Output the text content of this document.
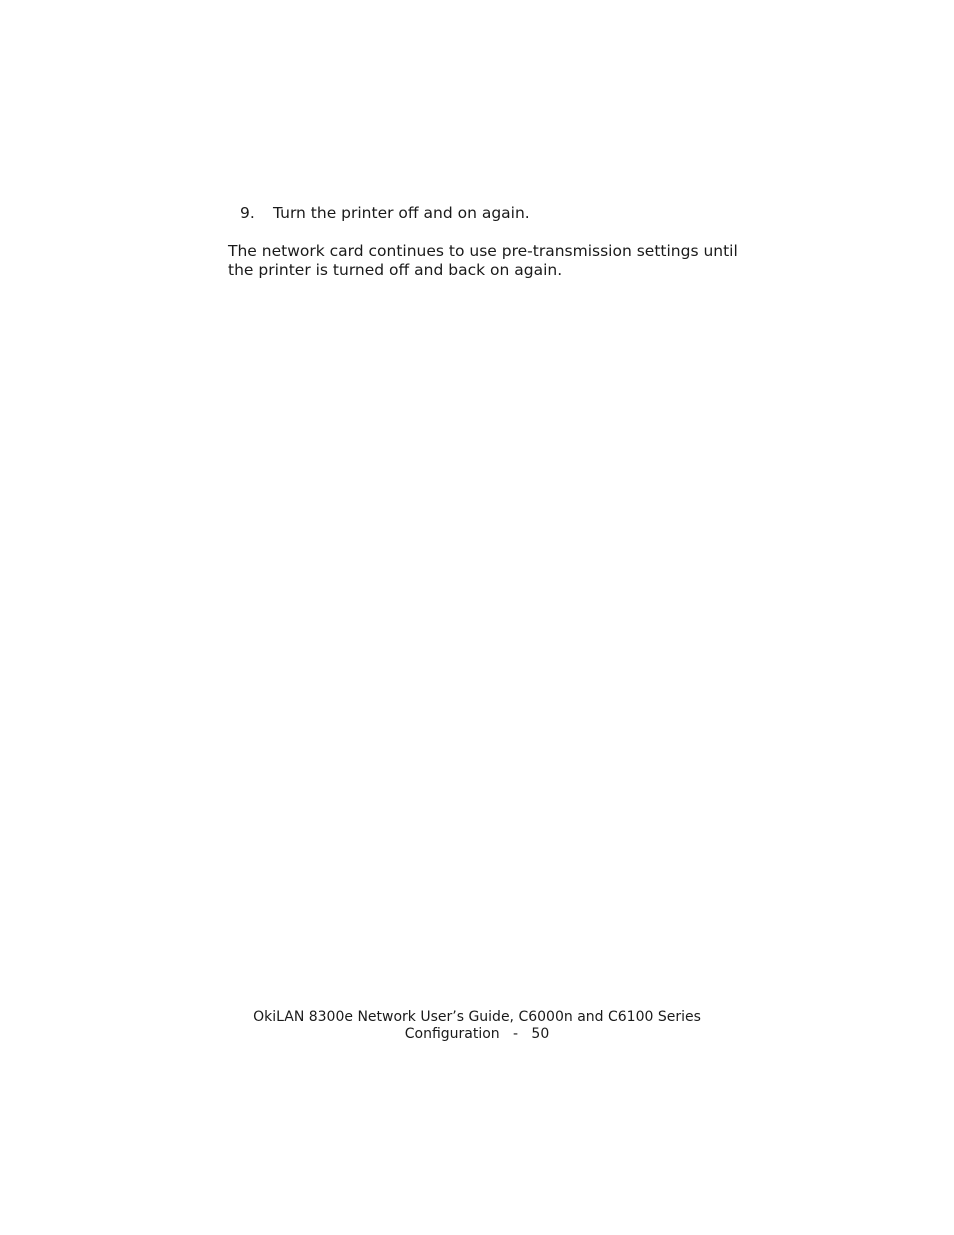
9. Turn the printer off and on again.

The network card continues to use pre-transmission settings until the printer is turned off and back on again.

OkiLAN 8300e Network User’s Guide, C6000n and C6100 Series
Configuration   -   50
